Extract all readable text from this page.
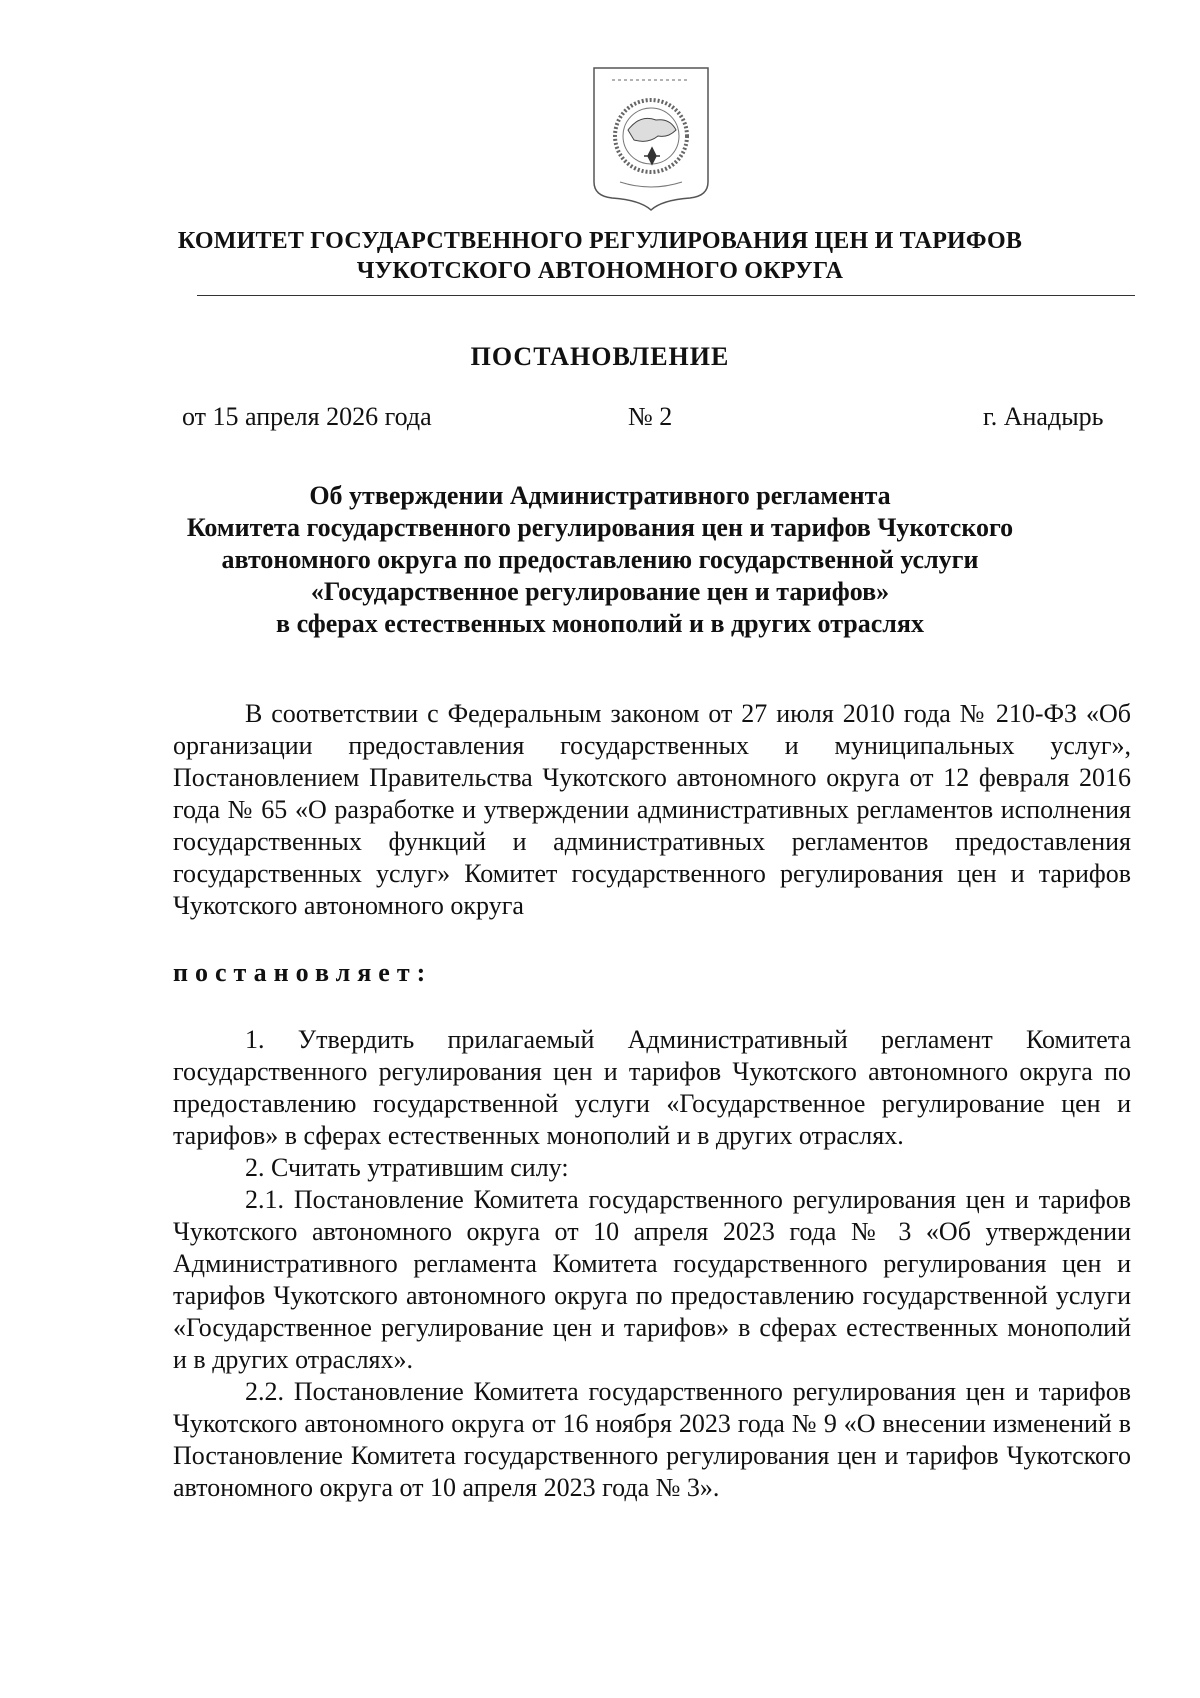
КОМИТЕТ ГОСУДАРСТВЕННОГО РЕГУЛИРОВАНИЯ ЦЕН И ТАРИФОВ
ЧУКОТСКОГО АВТОНОМНОГО ОКРУГА
ПОСТАНОВЛЕНИЕ
от 15 апреля 2026 года	№ 2	г. Анадырь
Об утверждении Административного регламента
Комитета государственного регулирования цен и тарифов Чукотского
автономного округа по предоставлению государственной услуги
«Государственное регулирование цен и тарифов»
в сферах естественных монополий и в других отраслях
В соответствии с Федеральным законом от 27 июля 2010 года № 210-ФЗ «Об организации предоставления государственных и муниципальных услуг», Постановлением Правительства Чукотского автономного округа от 12 февраля 2016 года № 65 «О разработке и утверждении административных регламентов исполнения государственных функций и административных регламентов предоставления государственных услуг» Комитет государственного регулирования цен и тарифов Чукотского автономного округа
постановляет:

1. Утвердить прилагаемый Административный регламент Комитета государственного регулирования цен и тарифов Чукотского автономного округа по предоставлению государственной услуги «Государственное регулирование цен и тарифов» в сферах естественных монополий и в других отраслях.

2. Считать утратившим силу:

2.1. Постановление Комитета государственного регулирования цен и тарифов Чукотского автономного округа от 10 апреля 2023 года № 3 «Об утверждении Административного регламента Комитета государственного регулирования цен и тарифов Чукотского автономного округа по предоставлению государственной услуги «Государственное регулирование цен и тарифов» в сферах естественных монополий и в других отраслях».

2.2. Постановление Комитета государственного регулирования цен и тарифов Чукотского автономного округа от 16 ноября 2023 года № 9 «О внесении изменений в Постановление Комитета государственного регулирования цен и тарифов Чукотского автономного округа от 10 апреля 2023 года № 3».
